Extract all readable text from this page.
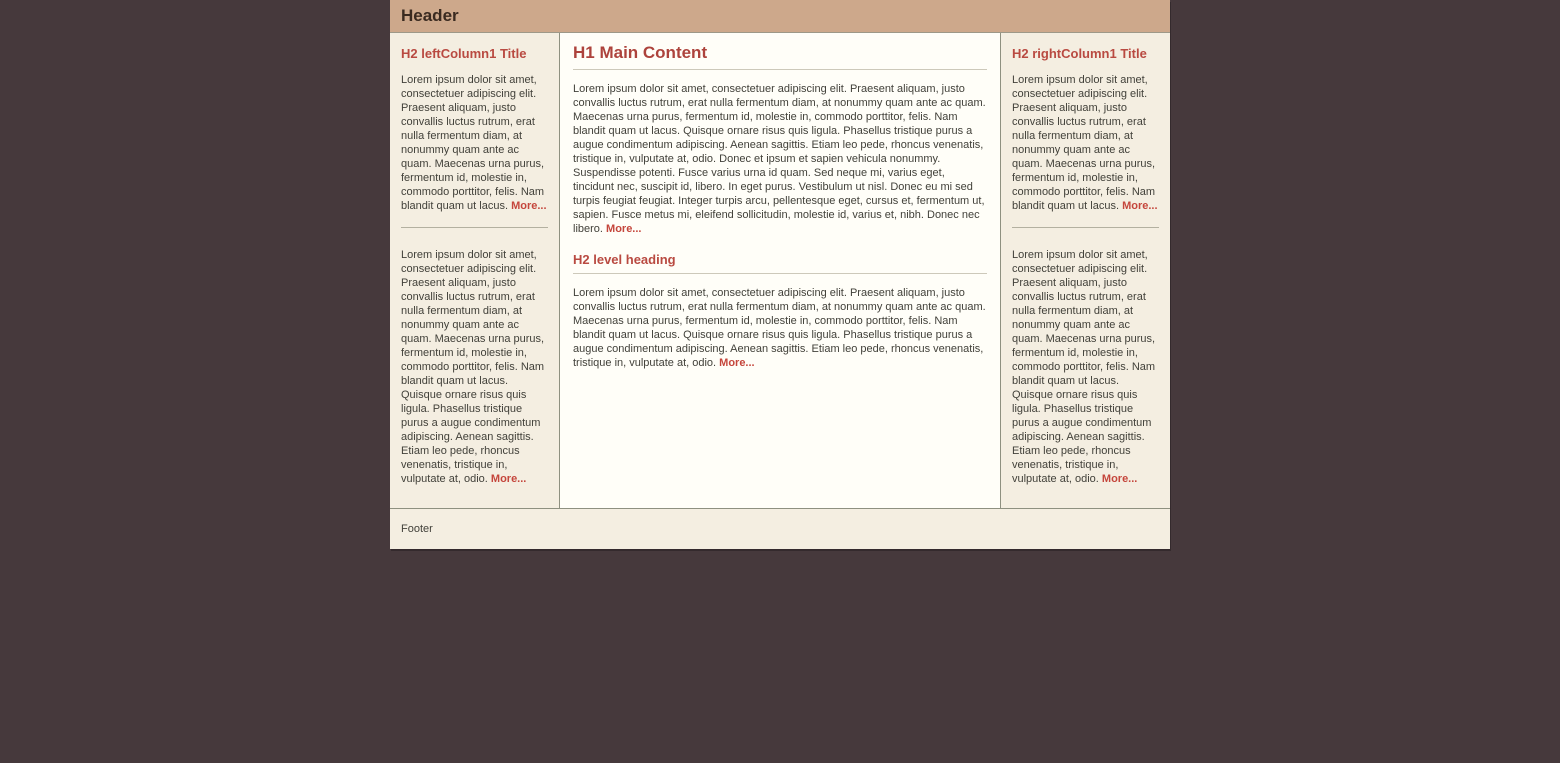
Header
H2 leftColumn1 Title

Lorem ipsum dolor sit amet, consectetuer adipiscing elit. Praesent aliquam, justo convallis luctus rutrum, erat nulla fermentum diam, at nonummy quam ante ac quam. Maecenas urna purus, fermentum id, molestie in, commodo porttitor, felis. Nam blandit quam ut lacus. More...

Lorem ipsum dolor sit amet, consectetuer adipiscing elit. Praesent aliquam, justo convallis luctus rutrum, erat nulla fermentum diam, at nonummy quam ante ac quam. Maecenas urna purus, fermentum id, molestie in, commodo porttitor, felis. Nam blandit quam ut lacus. Quisque ornare risus quis ligula. Phasellus tristique purus a augue condimentum adipiscing. Aenean sagittis. Etiam leo pede, rhoncus venenatis, tristique in, vulputate at, odio. More...

H1 Main Content

Lorem ipsum dolor sit amet, consectetuer adipiscing elit. Praesent aliquam, justo convallis luctus rutrum, erat nulla fermentum diam, at nonummy quam ante ac quam. Maecenas urna purus, fermentum id, molestie in, commodo porttitor, felis. Nam blandit quam ut lacus. Quisque ornare risus quis ligula. Phasellus tristique purus a augue condimentum adipiscing. Aenean sagittis. Etiam leo pede, rhoncus venenatis, tristique in, vulputate at, odio. Donec et ipsum et sapien vehicula nonummy. Suspendisse potenti. Fusce varius urna id quam. Sed neque mi, varius eget, tincidunt nec, suscipit id, libero. In eget purus. Vestibulum ut nisl. Donec eu mi sed turpis feugiat feugiat. Integer turpis arcu, pellentesque eget, cursus et, fermentum ut, sapien. Fusce metus mi, eleifend sollicitudin, molestie id, varius et, nibh. Donec nec libero. More...

H2 level heading

Lorem ipsum dolor sit amet, consectetuer adipiscing elit. Praesent aliquam, justo convallis luctus rutrum, erat nulla fermentum diam, at nonummy quam ante ac quam. Maecenas urna purus, fermentum id, molestie in, commodo porttitor, felis. Nam blandit quam ut lacus. Quisque ornare risus quis ligula. Phasellus tristique purus a augue condimentum adipiscing. Aenean sagittis. Etiam leo pede, rhoncus venenatis, tristique in, vulputate at, odio. More...

H2 rightColumn1 Title

Lorem ipsum dolor sit amet, consectetuer adipiscing elit. Praesent aliquam, justo convallis luctus rutrum, erat nulla fermentum diam, at nonummy quam ante ac quam. Maecenas urna purus, fermentum id, molestie in, commodo porttitor, felis. Nam blandit quam ut lacus. More...

Lorem ipsum dolor sit amet, consectetuer adipiscing elit. Praesent aliquam, justo convallis luctus rutrum, erat nulla fermentum diam, at nonummy quam ante ac quam. Maecenas urna purus, fermentum id, molestie in, commodo porttitor, felis. Nam blandit quam ut lacus. Quisque ornare risus quis ligula. Phasellus tristique purus a augue condimentum adipiscing. Aenean sagittis. Etiam leo pede, rhoncus venenatis, tristique in, vulputate at, odio. More...

Footer
